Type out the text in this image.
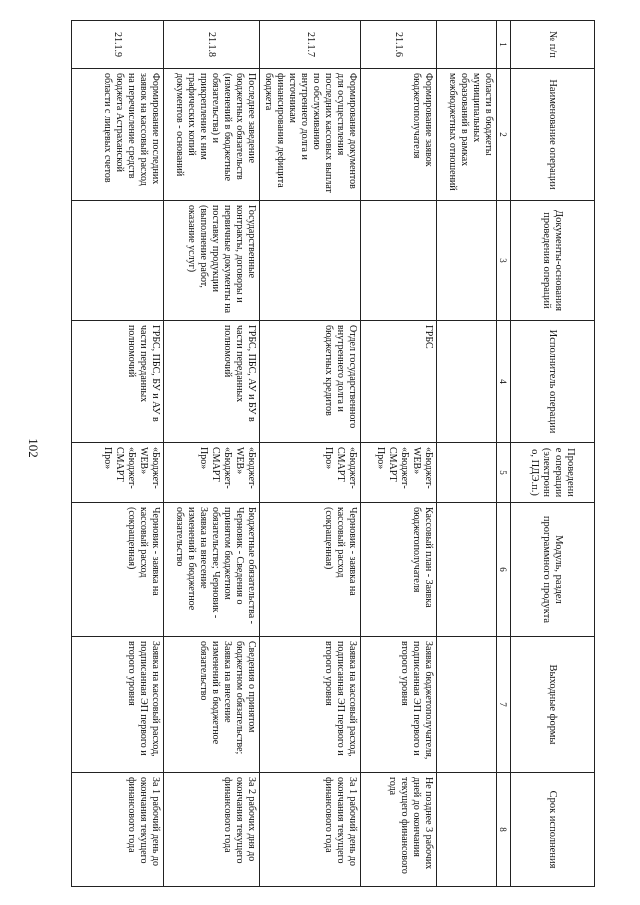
102
№ п/п	Наименование операции	Документы-основания проведения операций	Исполнитель операции	Проведение операции (электронно, ПДЭ.п.)	Модуль, раздел программного продукта	Выходные формы	Срок исполнения
1	2	3	4	5	6	7	8
	области в бюджеты муниципальных образований в рамках межбюджетных отношений						
21.1.6	Формирование заявок бюджетополучателя		ГРБС	«Бюджет-WEB» «Бюджет-СМАРТ Про»	Кассовый план - Заявка бюджетополучателя	Заявка бюджетополучателя, подписанная ЭП первого и второго уровня	Не позднее 3 рабочих дней до окончания текущего финансового года
21.1.7	Формирование документов для осуществления последних кассовых выплат по обслуживанию внутреннего долга и источникам финансирования дефицита бюджета		Отдел государственного внутреннего долга и бюджетных кредитов	«Бюджет-СМАРТ Про»	Черновик - заявка на кассовый расход (сокращенная)	Заявка на кассовый расход, подписанная ЭП первого и второго уровня	За 1 рабочий день до окончания текущего финансового года
21.1.8	Последнее заведение бюджетных обязательств (изменений в бюджетные обязательства) и прикрепление к ним графических копий документов - оснований	Государственные контракты, договоры и первичные документы на поставку продукции (выполнение работ, оказание услуг)	ГРБС, ПБС, АУ и БУ в части переданных полномочий	«Бюджет-WEB» «Бюджет-СМАРТ Про»	Бюджетные обязательства - Черновик - Сведения о принятом бюджетном обязательстве; Черновик - Заявка на внесение изменений в бюджетное обязательство	Сведения о принятом бюджетном обязательстве; Заявка на внесение изменений в бюджетное обязательство	За 2 рабочих дня до окончания текущего финансового года
21.1.9	Формирование последних заявок на кассовый расход на перечисление средств бюджета Астраханской области с лицевых счетов		ГРБС, ПБС, БУ и АУ в части переданных полномочий	«Бюджет-WEB» «Бюджет-СМАРТ Про»	Черновик - заявка на кассовый расход (сокращенная)	Заявка на кассовый расход, подписанная ЭП первого и второго уровня	За 1 рабочий день до окончания текущего финансового года
